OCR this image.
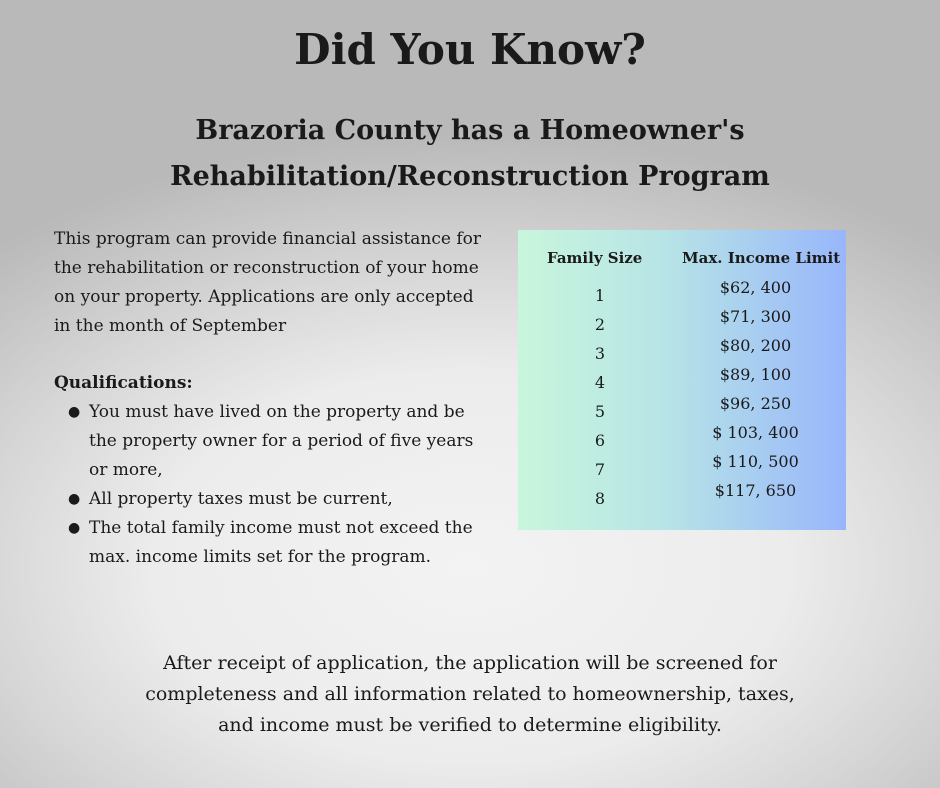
Did You Know?
Brazoria County has a Homeowner's
Rehabilitation/Reconstruction Program

This program can provide financial assistance for the rehabilitation or reconstruction of your home on your property. Applications are only accepted in the month of September

Qualifications:

● You must have lived on the property and be the property owner for a period of five years or more,
● All property taxes must be current,
● The total family income must not exceed the max. income limits set for the program.
Family Size	Max. Income Limit
1	$62, 400
2	$71, 300
3	$80, 200
4	$89, 100
5	$96, 250
6	$ 103, 400
7	$ 110, 500
8	$117, 650

After receipt of application, the application will be screened for
completeness and all information related to homeownership, taxes,
and income must be verified to determine eligibility.
